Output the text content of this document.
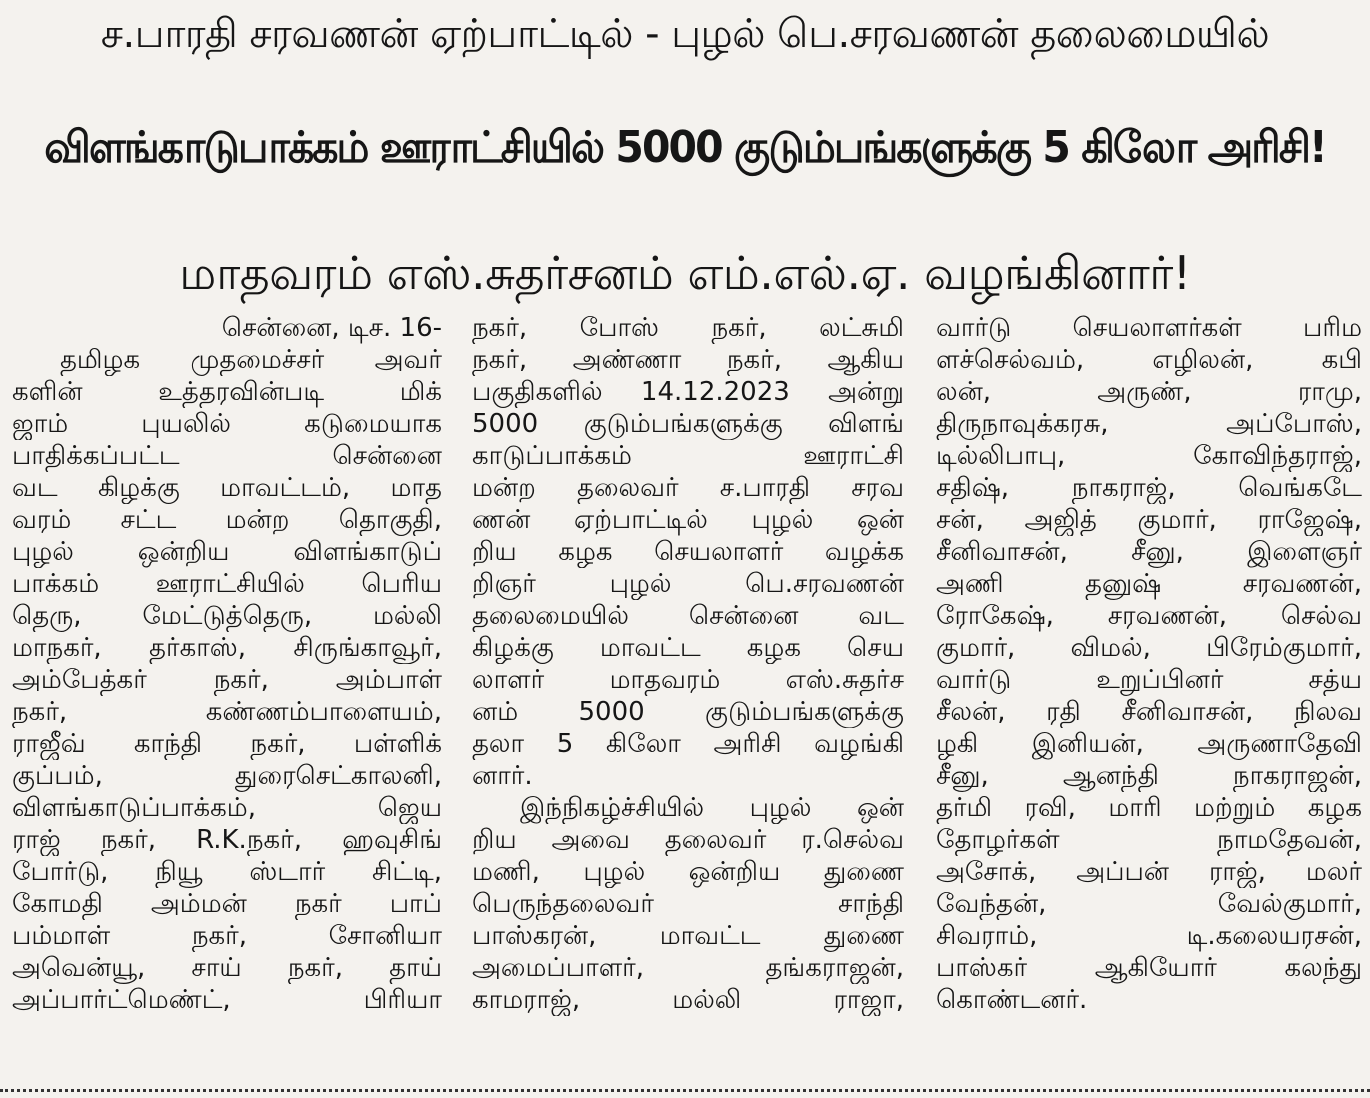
ச.பாரதி சரவணன் ஏற்பாட்டில் - புழல் பெ.சரவணன் தலைமையில்
விளங்காடுபாக்கம் ஊராட்சியில் 5000 குடும்பங்களுக்கு 5 கிலோ அரிசி!
மாதவரம் எஸ்.சுதர்சனம் எம்.எல்.ஏ. வழங்கினார்!
சென்னை, டிச. 16-
தமிழக முதமைச்சர் அவர்
களின் உத்தரவின்படி மிக்
ஜாம் புயலில் கடுமையாக
பாதிக்கப்பட்ட சென்னை
வட கிழக்கு மாவட்டம், மாத
வரம் சட்ட மன்ற தொகுதி,
புழல் ஒன்றிய விளங்காடுப்
பாக்கம் ஊராட்சியில் பெரிய
தெரு, மேட்டுத்தெரு, மல்லி
மாநகர், தர்காஸ், சிருங்காவூர்,
அம்பேத்கர் நகர், அம்பாள்
நகர், கண்ணம்பாளையம்,
ராஜீவ் காந்தி நகர், பள்ளிக்
குப்பம், துரைசெட்காலனி,
விளங்காடுப்பாக்கம், ஜெய
ராஜ் நகர், R.K.நகர், ஹவுசிங்
போர்டு, நியூ ஸ்டார் சிட்டி,
கோமதி அம்மன் நகர் பாப்
பம்மாள் நகர், சோனியா
அவென்யூ, சாய் நகர், தாய்
அப்பார்ட்மெண்ட், பிரியா
நகர், போஸ் நகர், லட்சுமி
நகர், அண்ணா நகர், ஆகிய
பகுதிகளில் 14.12.2023 அன்று
5000 குடும்பங்களுக்கு விளங்
காடுப்பாக்கம் ஊராட்சி
மன்ற தலைவர் ச.பாரதி சரவ
ணன் ஏற்பாட்டில் புழல் ஒன்
றிய கழக செயலாளர் வழக்க
றிஞர் புழல் பெ.சரவணன்
தலைமையில் சென்னை வட
கிழக்கு மாவட்ட கழக செய
லாளர் மாதவரம் எஸ்.சுதர்ச
னம் 5000 குடும்பங்களுக்கு
தலா 5 கிலோ அரிசி வழங்கி
னார்.
இந்நிகழ்ச்சியில் புழல் ஒன்
றிய அவை தலைவர் ர.செல்வ
மணி, புழல் ஒன்றிய துணை
பெருந்தலைவர் சாந்தி
பாஸ்கரன், மாவட்ட துணை
அமைப்பாளர், தங்கராஜன்,
காமராஜ், மல்லி ராஜா,
வார்டு செயலாளர்கள் பரிம
ளச்செல்வம், எழிலன், கபி
லன், அருண், ராமு,
திருநாவுக்கரசு, அப்போஸ்,
டில்லிபாபு, கோவிந்தராஜ்,
சதிஷ், நாகராஜ், வெங்கடே
சன், அஜித் குமார், ராஜேஷ்,
சீனிவாசன், சீனு, இளைஞர்
அணி தனுஷ் சரவணன்,
ரோகேஷ், சரவணன், செல்வ
குமார், விமல், பிரேம்குமார்,
வார்டு உறுப்பினர் சத்ய
சீலன், ரதி சீனிவாசன், நிலவ
ழகி இனியன், அருணாதேவி
சீனு, ஆனந்தி நாகராஜன்,
தர்மி ரவி, மாரி மற்றும் கழக
தோழர்கள் நாமதேவன்,
அசோக், அப்பன் ராஜ், மலர்
வேந்தன், வேல்குமார்,
சிவராம், டி.கலையரசன்,
பாஸ்கர் ஆகியோர் கலந்து
கொண்டனர்.
